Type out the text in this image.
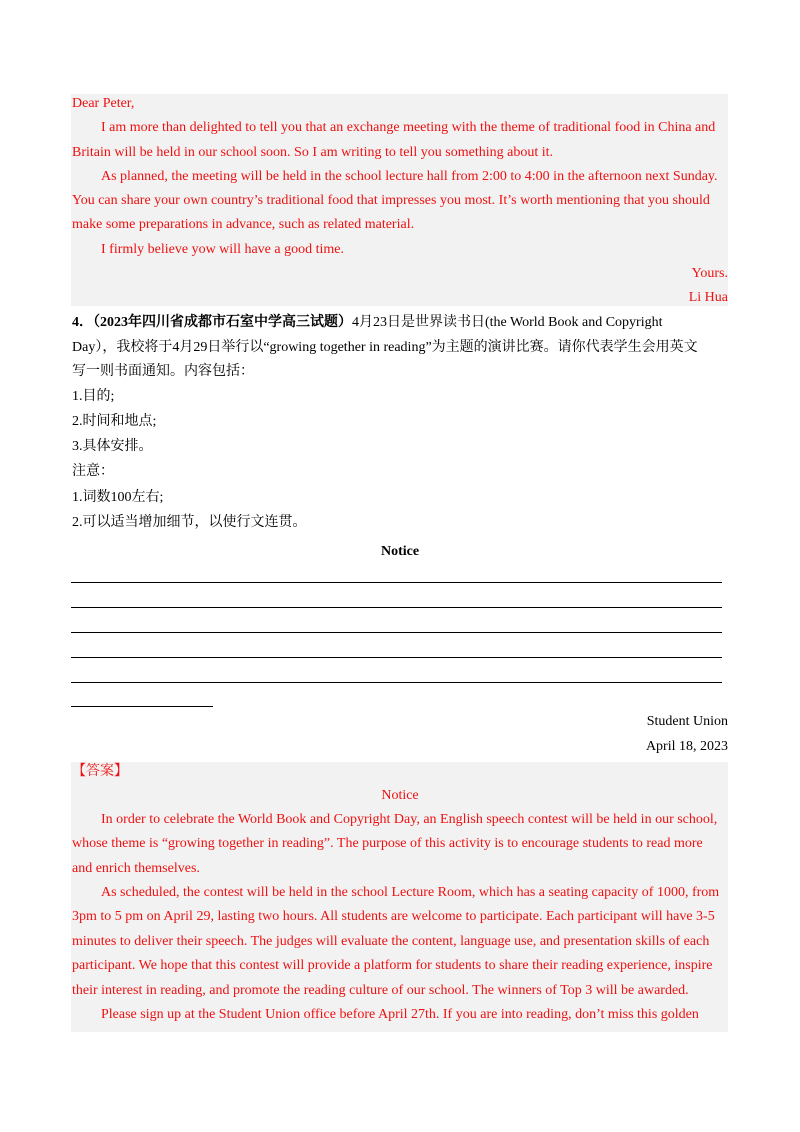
Dear Peter,

I am more than delighted to tell you that an exchange meeting with the theme of traditional food in China and

Britain will be held in our school soon. So I am writing to tell you something about it.

As planned, the meeting will be held in the school lecture hall from 2:00 to 4:00 in the afternoon next Sunday.

You can share your own country’s traditional food that impresses you most. It’s worth mentioning that you should

make some preparations in advance, such as related material.

I firmly believe yow will have a good time.

Yours.

Li Hua

4．（2023年四川省成都市石室中学高三试题）4月23日是世界读书日(the World Book and Copyright

Day），我校将于4月29日举行以“growing together in reading”为主题的演讲比赛。请你代表学生会用英文

写一则书面通知。内容包括：

1.目的;

2.时间和地点;

3.具体安排。

注意：

1.词数100左右;

2.可以适当增加细节，以使行文连贯。

Notice

Student Union

April 18, 2023

【答案】

Notice

In order to celebrate the World Book and Copyright Day, an English speech contest will be held in our school,

whose theme is “growing together in reading”. The purpose of this activity is to encourage students to read more

and enrich themselves.

As scheduled, the contest will be held in the school Lecture Room, which has a seating capacity of 1000, from

3pm to 5 pm on April 29, lasting two hours. All students are welcome to participate. Each participant will have 3-5

minutes to deliver their speech. The judges will evaluate the content, language use, and presentation skills of each

participant. We hope that this contest will provide a platform for students to share their reading experience, inspire

their interest in reading, and promote the reading culture of our school. The winners of Top 3 will be awarded.

Please sign up at the Student Union office before April 27th. If you are into reading, don’t miss this golden
